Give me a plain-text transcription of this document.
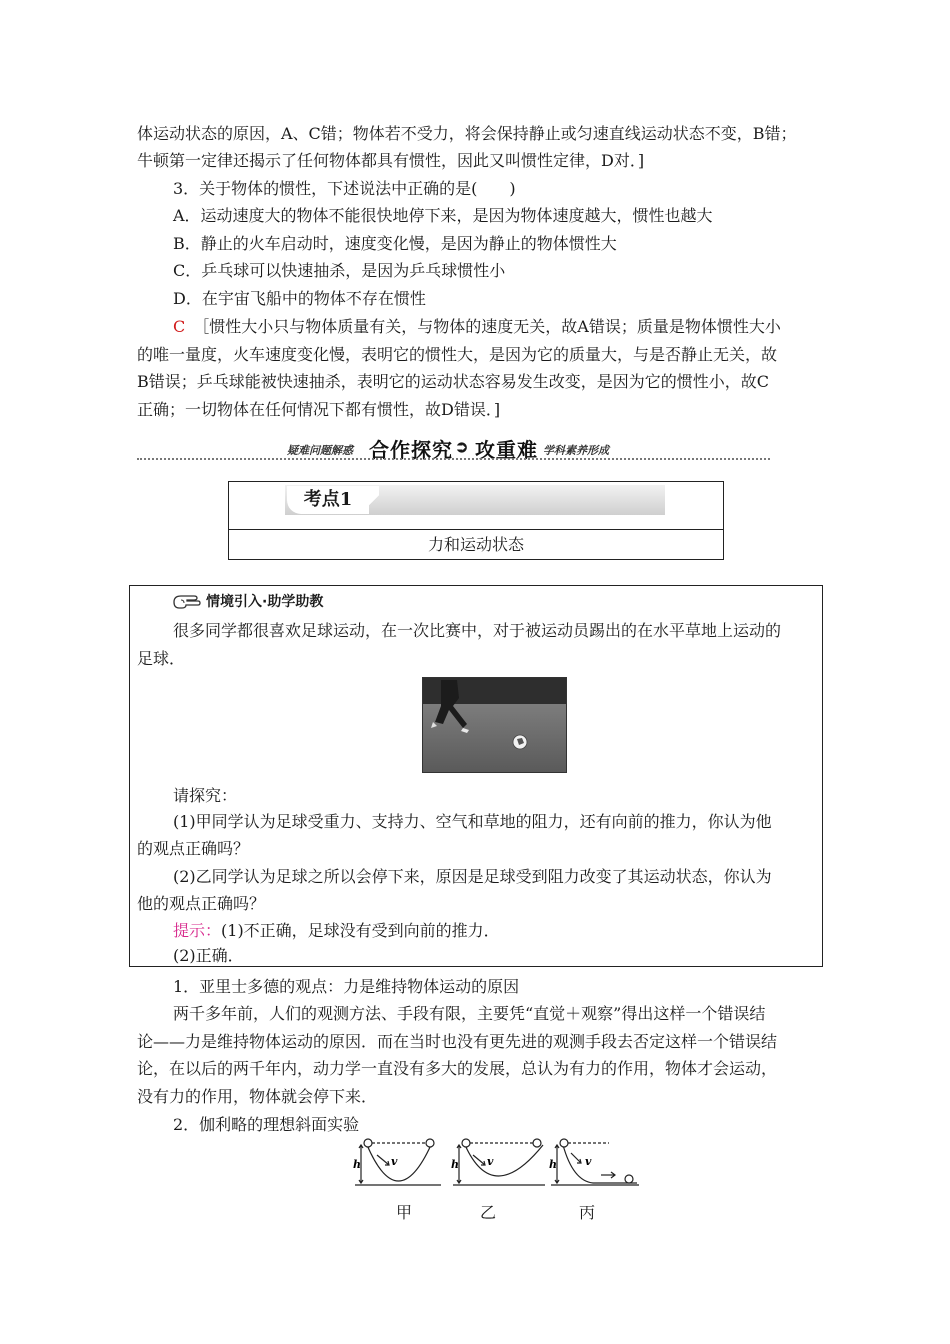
体运动状态的原因，A、C错；物体若不受力，将会保持静止或匀速直线运动状态不变，B错；

牛顿第一定律还揭示了任何物体都具有惯性，因此又叫惯性定律，D对．]

3．关于物体的惯性，下述说法中正确的是(　　)

A．运动速度大的物体不能很快地停下来，是因为物体速度越大，惯性也越大

B．静止的火车启动时，速度变化慢，是因为静止的物体惯性大

C．乒乓球可以快速抽杀，是因为乒乓球惯性小

D．在宇宙飞船中的物体不存在惯性

C　 ［惯性大小只与物体质量有关，与物体的速度无关，故A错误；质量是物体惯性大小

的唯一量度，火车速度变化慢，表明它的惯性大，是因为它的质量大，与是否静止无关，故

B错误；乒乓球能被快速抽杀，表明它的运动状态容易发生改变，是因为它的惯性小，故C

正确；一切物体在任何情况下都有惯性，故D错误．]

疑难问题解惑 合作探究 ➲ 攻重难 学科素养形成
考点1
力和运动状态
情境引入·助学助教

很多同学都很喜欢足球运动，在一次比赛中，对于被运动员踢出的在水平草地上运动的

足球．

请探究：

(1)甲同学认为足球受重力、支持力、空气和草地的阻力，还有向前的推力，你认为他

的观点正确吗？

(2)乙同学认为足球之所以会停下来，原因是足球受到阻力改变了其运动状态，你认为

他的观点正确吗？

提示：(1)不正确，足球没有受到向前的推力．

(2)正确．

1．亚里士多德的观点：力是维持物体运动的原因

两千多年前，人们的观测方法、手段有限，主要凭“直觉＋观察”得出这样一个错误结

论——力是维持物体运动的原因．而在当时也没有更先进的观测手段去否定这样一个错误结

论，在以后的两千年内，动力学一直没有多大的发展，总认为有力的作用，物体才会运动，

没有力的作用，物体就会停下来．

2．伽利略的理想斜面实验

h	v	h	v	h	v
甲	乙	丙
